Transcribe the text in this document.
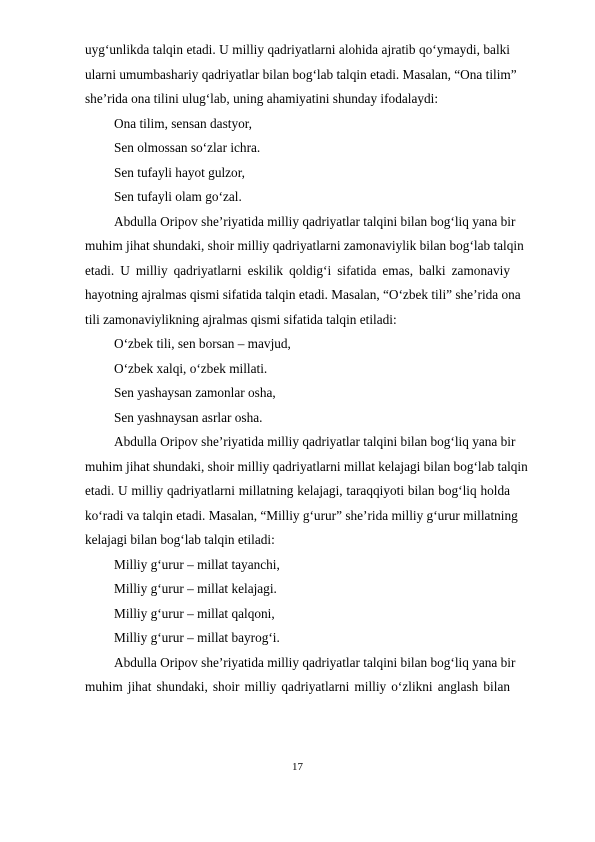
uyg‘unlikda talqin etadi. U milliy qadriyatlarni alohida ajratib qo‘ymaydi, balki
ularni umumbashariy qadriyatlar bilan bog‘lab talqin etadi. Masalan, “Ona tilim”
she’rida ona tilini ulug‘lab, uning ahamiyatini shunday ifodalaydi:
Ona tilim, sensan dastyor,
Sen olmossan so‘zlar ichra.
Sen tufayli hayot gulzor,
Sen tufayli olam go‘zal.
Abdulla Oripov she’riyatida milliy qadriyatlar talqini bilan bog‘liq yana bir
muhim jihat shundaki, shoir milliy qadriyatlarni zamonaviylik bilan bog‘lab talqin
etadi. U milliy qadriyatlarni eskilik qoldig‘i sifatida emas, balki zamonaviy
hayotning ajralmas qismi sifatida talqin etadi. Masalan, “O‘zbek tili” she’rida ona
tili zamonaviylikning ajralmas qismi sifatida talqin etiladi:
O‘zbek tili, sen borsan – mavjud,
O‘zbek xalqi, o‘zbek millati.
Sen yashaysan zamonlar osha,
Sen yashnaysan asrlar osha.
Abdulla Oripov she’riyatida milliy qadriyatlar talqini bilan bog‘liq yana bir
muhim jihat shundaki, shoir milliy qadriyatlarni millat kelajagi bilan bog‘lab talqin
etadi. U milliy qadriyatlarni millatning kelajagi, taraqqiyoti bilan bog‘liq holda
ko‘radi va talqin etadi. Masalan, “Milliy g‘urur” she’rida milliy g‘urur millatning
kelajagi bilan bog‘lab talqin etiladi:
Milliy g‘urur – millat tayanchi,
Milliy g‘urur – millat kelajagi.
Milliy g‘urur – millat qalqoni,
Milliy g‘urur – millat bayrog‘i.
Abdulla Oripov she’riyatida milliy qadriyatlar talqini bilan bog‘liq yana bir
muhim jihat shundaki, shoir milliy qadriyatlarni milliy o‘zlikni anglash bilan
17
